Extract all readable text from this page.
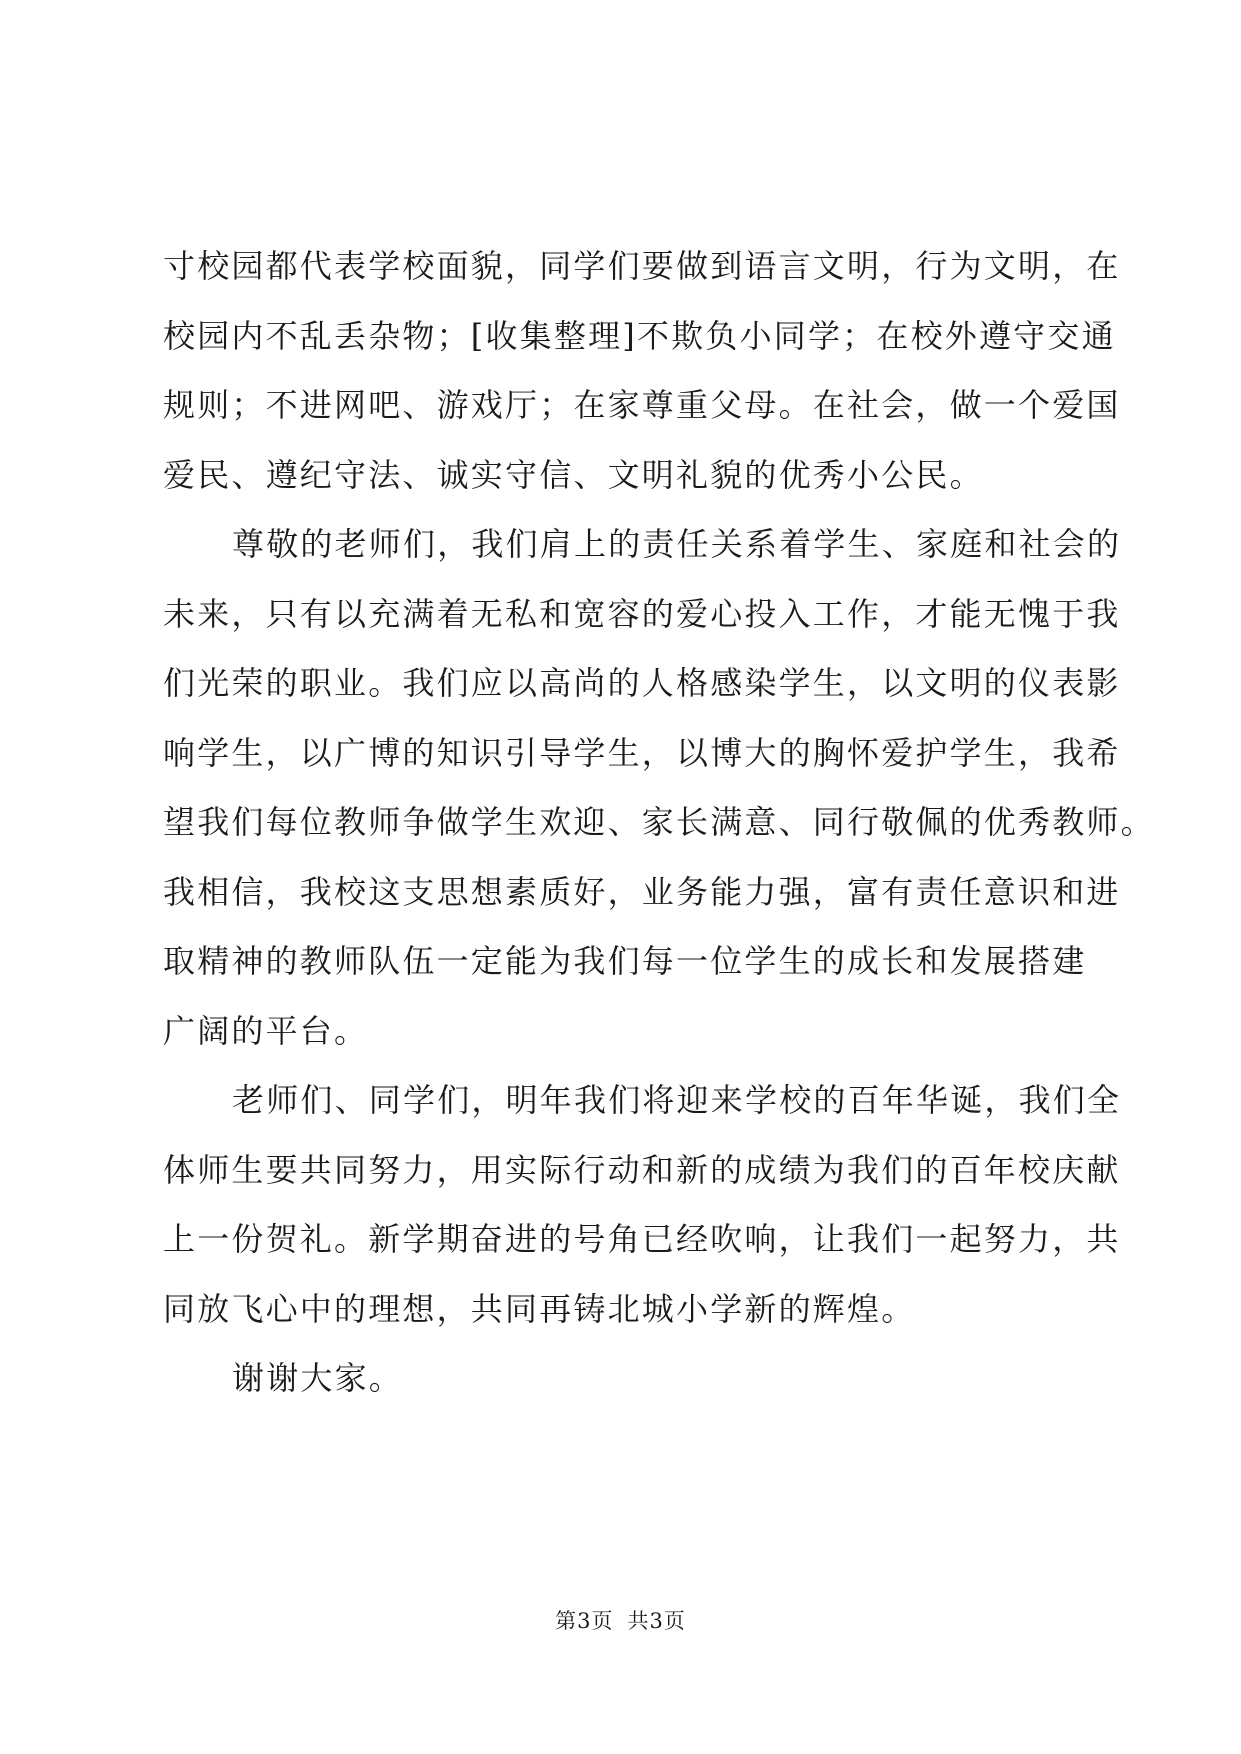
寸校园都代表学校面貌，同学们要做到语言文明，行为文明，在
校园内不乱丢杂物；[收集整理]不欺负小同学；在校外遵守交通
规则；不进网吧、游戏厅；在家尊重父母。在社会，做一个爱国
爱民、遵纪守法、诚实守信、文明礼貌的优秀小公民。

尊敬的老师们，我们肩上的责任关系着学生、家庭和社会的
未来，只有以充满着无私和宽容的爱心投入工作，才能无愧于我
们光荣的职业。我们应以高尚的人格感染学生，以文明的仪表影
响学生，以广博的知识引导学生，以博大的胸怀爱护学生，我希
望我们每位教师争做学生欢迎、家长满意、同行敬佩的优秀教师。
我相信，我校这支思想素质好，业务能力强，富有责任意识和进
取精神的教师队伍一定能为我们每一位学生的成长和发展搭建
广阔的平台。

老师们、同学们，明年我们将迎来学校的百年华诞，我们全
体师生要共同努力，用实际行动和新的成绩为我们的百年校庆献
上一份贺礼。新学期奋进的号角已经吹响，让我们一起努力，共
同放飞心中的理想，共同再铸北城小学新的辉煌。

谢谢大家。

第3页 共3页
